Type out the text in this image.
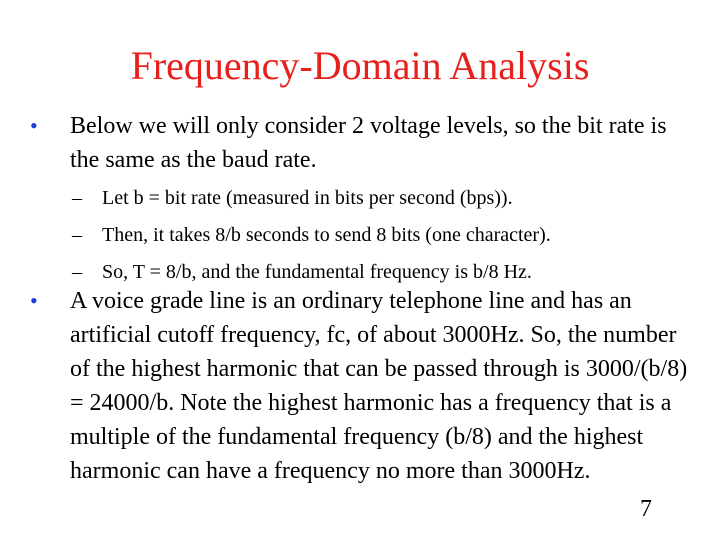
Frequency-Domain Analysis
• Below we will only consider 2 voltage levels, so the bit rate is the same as the baud rate.
– Let b = bit rate (measured in bits per second (bps)).
– Then, it takes 8/b seconds to send 8 bits (one character).
– So, T = 8/b, and the fundamental frequency is b/8 Hz.
• A voice grade line is an ordinary telephone line and has an artificial cutoff frequency, fc, of about 3000Hz. So, the number of the highest harmonic that can be passed through is 3000/(b/8) = 24000/b. Note the highest harmonic has a frequency that is a multiple of the fundamental frequency (b/8) and the highest harmonic can have a frequency no more than 3000Hz.
7
